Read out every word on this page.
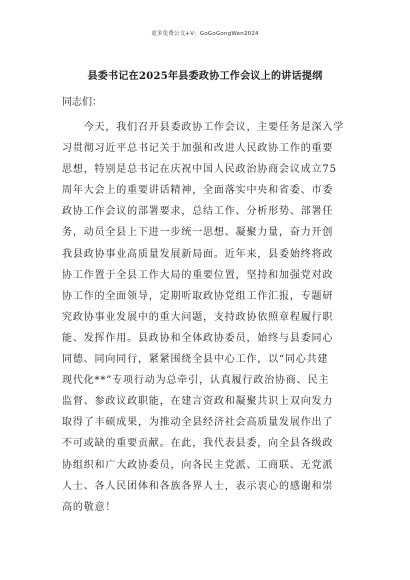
更多免费公文+V：GoGoGongWen2024
县委书记在2025年县委政协工作会议上的讲话提纲
同志们：
　　今天，我们召开县委政协工作会议，主要任务是深入学
习贯彻习近平总书记关于加强和改进人民政协工作的重要
思想，特别是总书记在庆祝中国人民政治协商会议成立75
周年大会上的重要讲话精神，全面落实中央和省委、市委
政协工作会议的部署要求，总结工作、分析形势、部署任
务，动员全县上下进一步统一思想、凝聚力量，奋力开创
我县政协事业高质量发展新局面。近年来，县委始终将政
协工作置于全县工作大局的重要位置，坚持和加强党对政
协工作的全面领导，定期听取政协党组工作汇报，专题研
究政协事业发展中的重大问题，支持政协依照章程履行职
能、发挥作用。县政协和全体政协委员，始终与县委同心
同德、同向同行，紧紧围绕全县中心工作，以“同心共建
现代化**”专项行动为总牵引，认真履行政治协商、民主
监督、参政议政职能，在建言资政和凝聚共识上双向发力
取得了丰硕成果，为推动全县经济社会高质量发展作出了
不可或缺的重要贡献。在此，我代表县委，向全县各级政
协组织和广大政协委员，向各民主党派、工商联、无党派
人士、各人民团体和各族各界人士，表示衷心的感谢和崇
高的敬意！
